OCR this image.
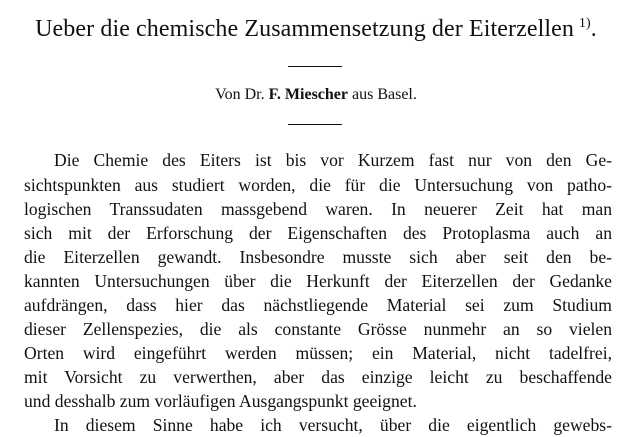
Ueber die chemische Zusammensetzung der Eiterzellen  $^{1)}$.
Von Dr. F. Miescher aus Basel.
Die Chemie des Eiters ist bis vor Kurzem fast nur von den Ge-
sichtspunkten aus studiert worden, die für die Untersuchung von patho-
logischen Transsudaten massgebend waren. In neuerer Zeit hat man
sich mit der Erforschung der Eigenschaften des Protoplasma auch an
die Eiterzellen gewandt. Insbesondre musste sich aber seit den be-
kannten Untersuchungen über die Herkunft der Eiterzellen der Gedanke
aufdrängen, dass hier das nächstliegende Material sei zum Studium
dieser Zellenspezies, die als constante Grösse nunmehr an so vielen
Orten wird eingeführt werden müssen; ein Material, nicht tadelfrei,
mit Vorsicht zu verwerthen, aber das einzige leicht zu beschaffende
und desshalb zum vorläufigen Ausgangspunkt geeignet.
In diesem Sinne habe ich versucht, über die eigentlich gewebs-
